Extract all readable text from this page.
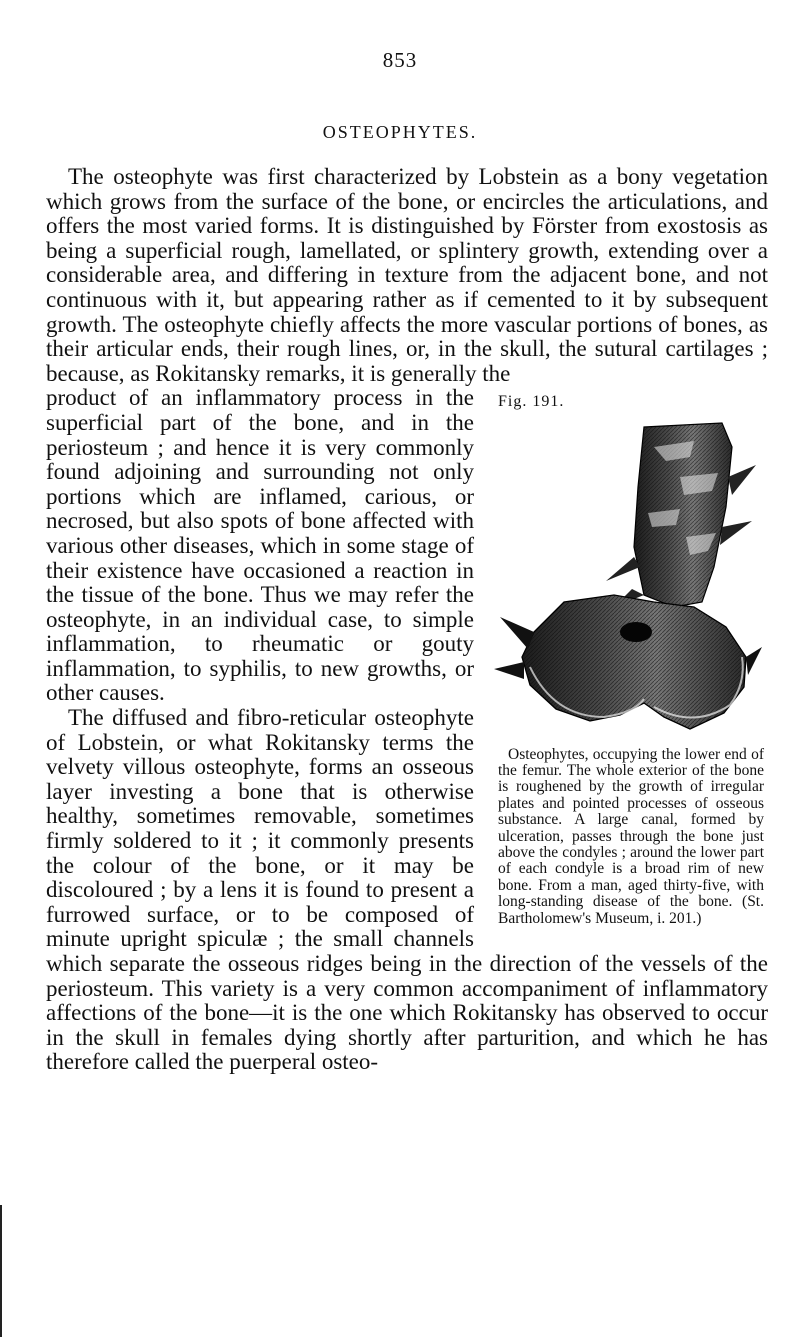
853
OSTEOPHYTES.

The osteophyte was first characterized by Lobstein as a bony vegetation which grows from the surface of the bone, or encircles the articulations, and offers the most varied forms. It is distinguished by Förster from exostosis as being a superficial rough, lamellated, or splintery growth, extending over a considerable area, and differing in texture from the adjacent bone, and not continuous with it, but appearing rather as if cemented to it by subsequent growth. The osteophyte chiefly affects the more vascular portions of bones, as their articular ends, their rough lines, or, in the skull, the sutural cartilages ; because, as Rokitansky remarks, it is generally the

Fig. 191.
Osteophytes, occupying the lower end of the femur. The whole exterior of the bone is roughened by the growth of irregular plates and pointed processes of osseous substance. A large canal, formed by ulceration, passes through the bone just above the condyles ; around the lower part of each condyle is a broad rim of new bone. From a man, aged thirty-five, with long-standing disease of the bone. (St. Bartholomew's Museum, i. 201.)

product of an inflammatory process in the superficial part of the bone, and in the periosteum ; and hence it is very commonly found adjoining and surrounding not only portions which are inflamed, carious, or necrosed, but also spots of bone affected with various other diseases, which in some stage of their existence have occasioned a reaction in the tissue of the bone. Thus we may refer the osteophyte, in an individual case, to simple inflammation, to rheumatic or gouty inflammation, to syphilis, to new growths, or other causes.

The diffused and fibro-reticular osteophyte of Lobstein, or what Rokitansky terms the velvety villous osteophyte, forms an osseous layer investing a bone that is otherwise healthy, sometimes removable, sometimes firmly soldered to it ; it commonly presents the colour of the bone, or it may be discoloured ; by a lens it is found to present a furrowed surface, or to be composed of minute upright spiculæ ; the small channels which separate the osseous ridges being in the direction of the vessels of the periosteum. This variety is a very common accompaniment of inflammatory affections of the bone—it is the one which Rokitansky has observed to occur in the skull in females dying shortly after parturition, and which he has therefore called the puerperal osteo-
